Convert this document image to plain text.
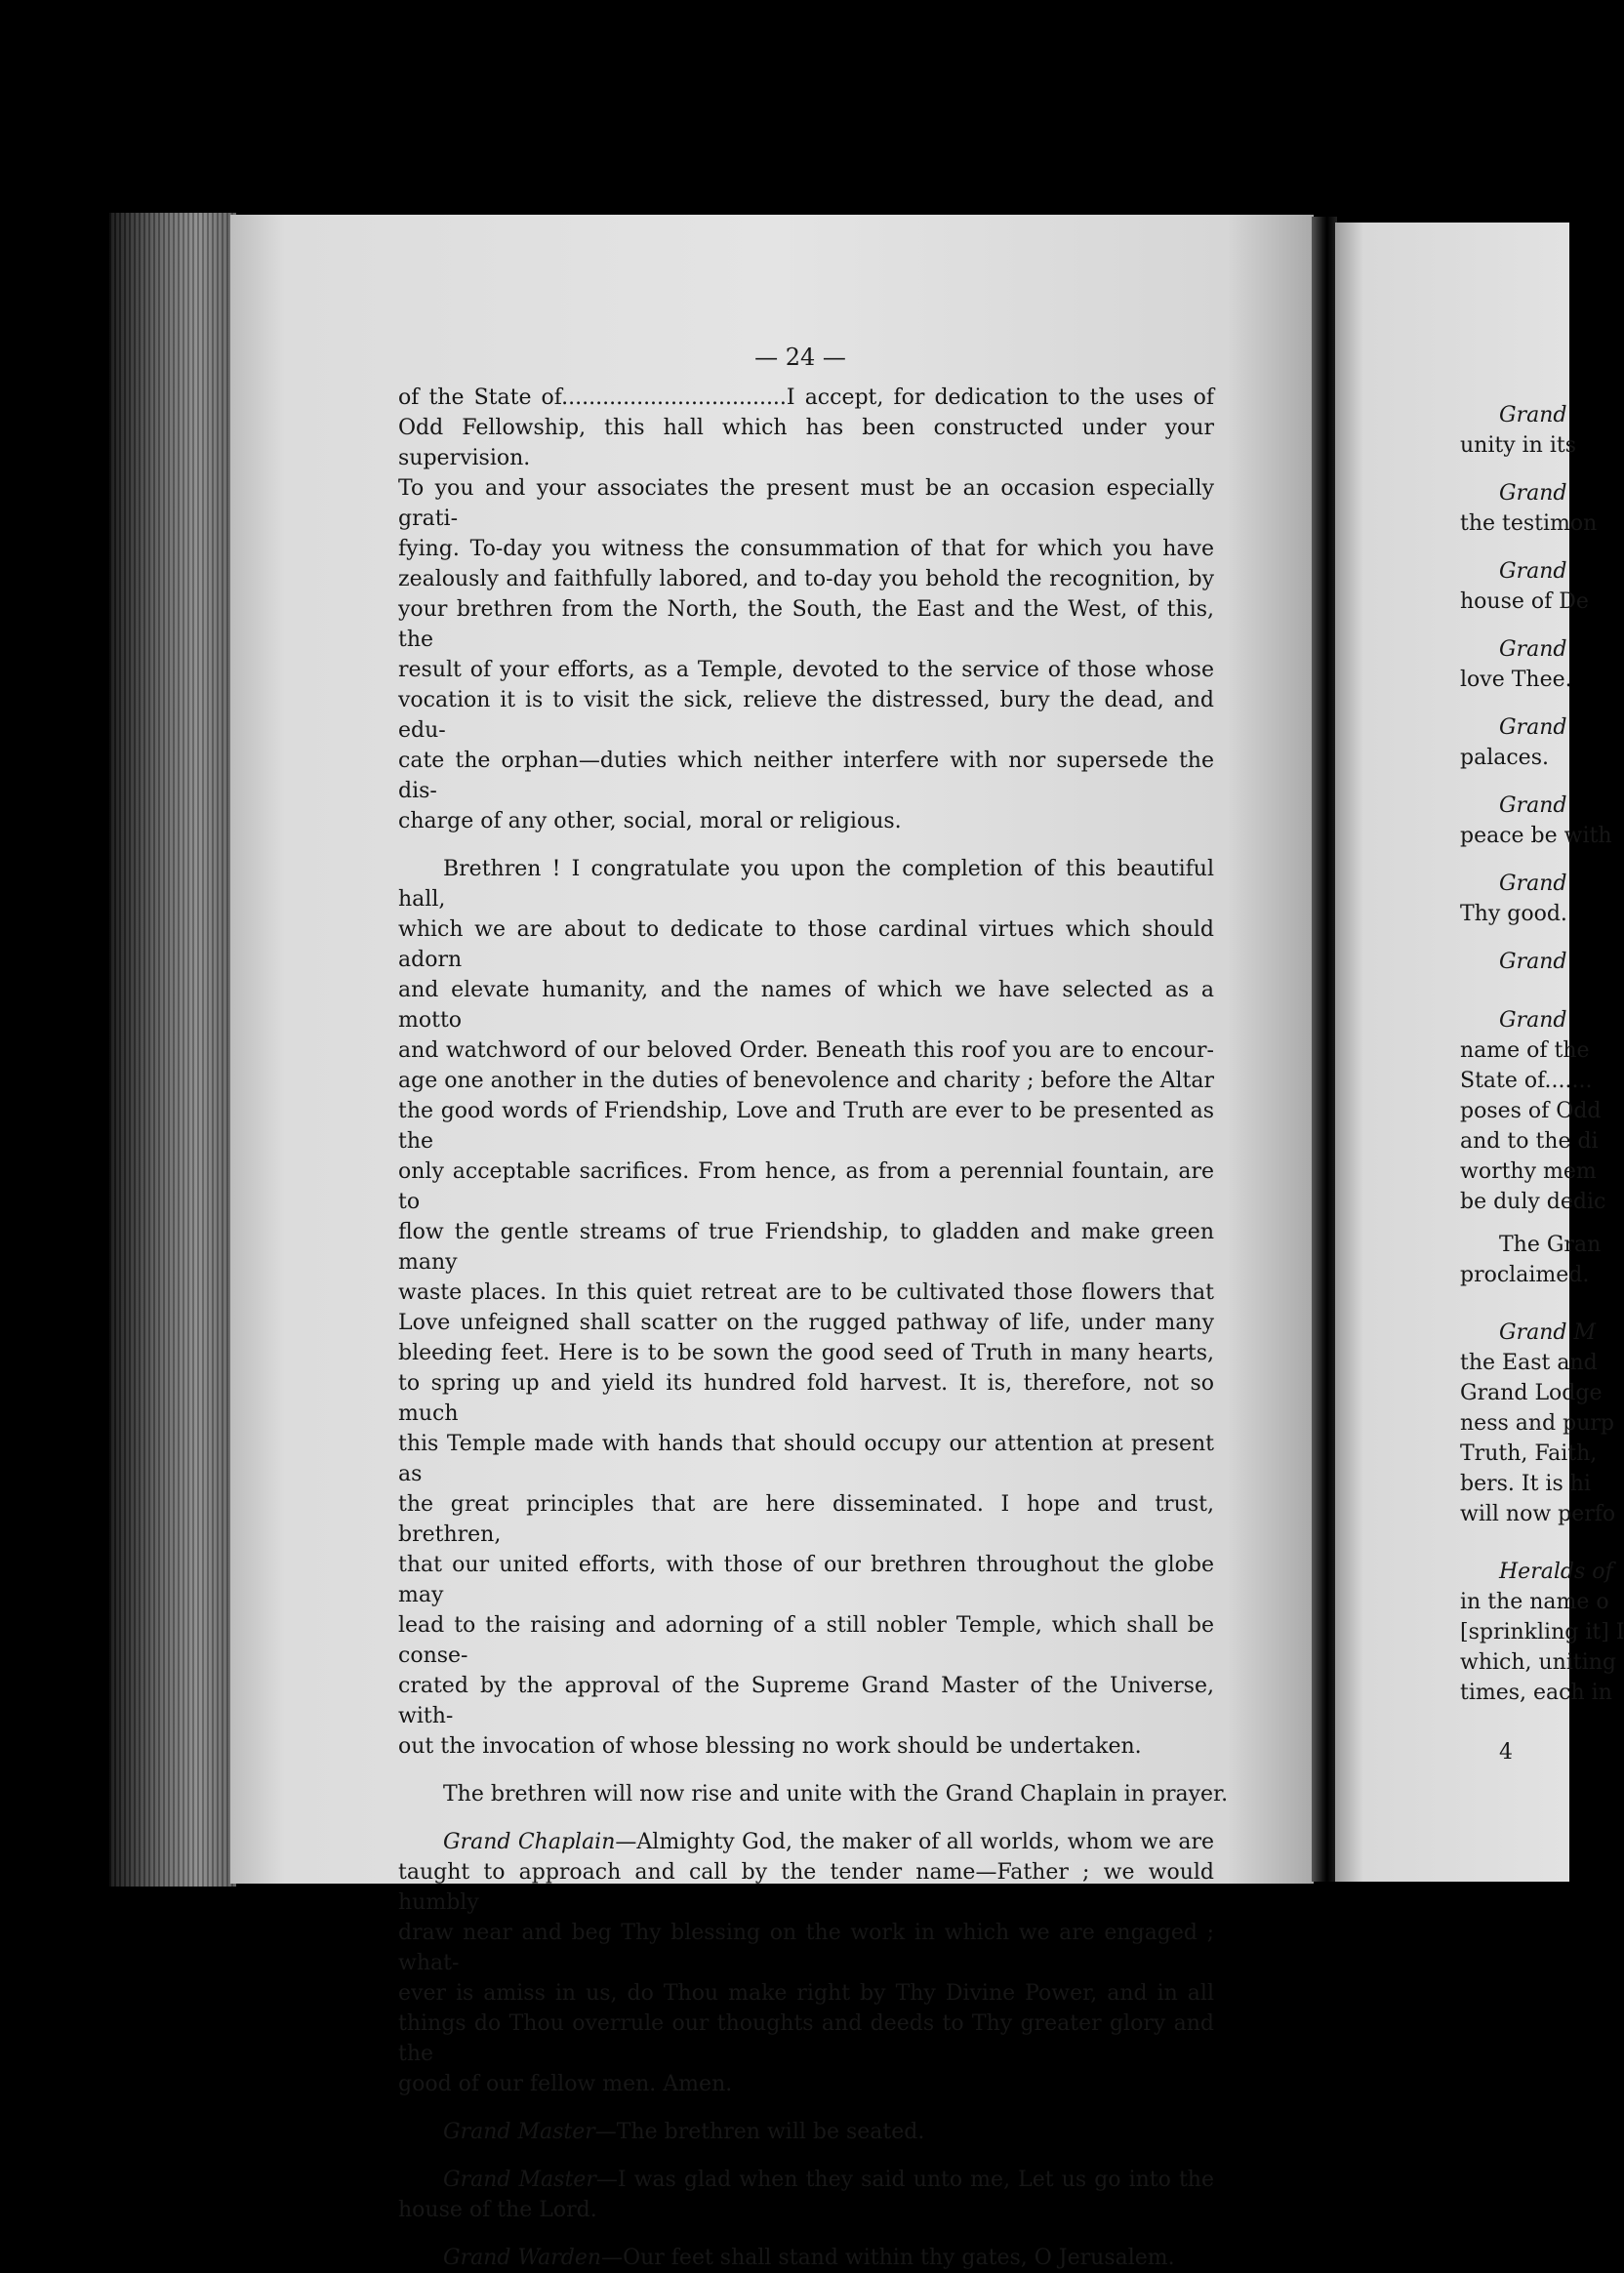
— 24 —
of the State of.................................I accept, for dedication to the uses of
Odd Fellowship, this hall which has been constructed under your supervision.
To you and your associates the present must be an occasion especially grati-
fying. To-day you witness the consummation of that for which you have
zealously and faithfully labored, and to-day you behold the recognition, by
your brethren from the North, the South, the East and the West, of this, the
result of your efforts, as a Temple, devoted to the service of those whose
vocation it is to visit the sick, relieve the distressed, bury the dead, and edu-
cate the orphan—duties which neither interfere with nor supersede the dis-
charge of any other, social, moral or religious.
Brethren ! I congratulate you upon the completion of this beautiful hall,
which we are about to dedicate to those cardinal virtues which should adorn
and elevate humanity, and the names of which we have selected as a motto
and watchword of our beloved Order. Beneath this roof you are to encour-
age one another in the duties of benevolence and charity ; before the Altar
the good words of Friendship, Love and Truth are ever to be presented as the
only acceptable sacrifices. From hence, as from a perennial fountain, are to
flow the gentle streams of true Friendship, to gladden and make green many
waste places. In this quiet retreat are to be cultivated those flowers that
Love unfeigned shall scatter on the rugged pathway of life, under many
bleeding feet. Here is to be sown the good seed of Truth in many hearts,
to spring up and yield its hundred fold harvest. It is, therefore, not so much
this Temple made with hands that should occupy our attention at present as
the great principles that are here disseminated. I hope and trust, brethren,
that our united efforts, with those of our brethren throughout the globe may
lead to the raising and adorning of a still nobler Temple, which shall be conse-
crated by the approval of the Supreme Grand Master of the Universe, with-
out the invocation of whose blessing no work should be undertaken.
The brethren will now rise and unite with the Grand Chaplain in prayer.
Grand Chaplain—Almighty God, the maker of all worlds, whom we are
taught to approach and call by the tender name—Father ; we would humbly
draw near and beg Thy blessing on the work in which we are engaged ; what-
ever is amiss in us, do Thou make right by Thy Divine Power, and in all
things do Thou overrule our thoughts and deeds to Thy greater glory and the
good of our fellow men. Amen.
Grand Master—The brethren will be seated.
Grand Master—I was glad when they said unto me, Let us go into the
house of the Lord.
Grand Warden—Our feet shall stand within thy gates, O Jerusalem.
Grand
unity in its
Grand
the testimon
Grand
house of De
Grand
love Thee.
Grand
palaces.
Grand
peace be with
Grand
Thy good.
Grand
Grand
name of the
State of.......
poses of Odd
and to the di
worthy mem
be duly dedic
The Gran
proclaimed.
Grand M
the East and
Grand Lodge
ness and purp
Truth, Faith,
bers. It is hi
will now perfo
Heralds of
in the name o
[sprinkling it] I
which, uniting
times, each in
4
